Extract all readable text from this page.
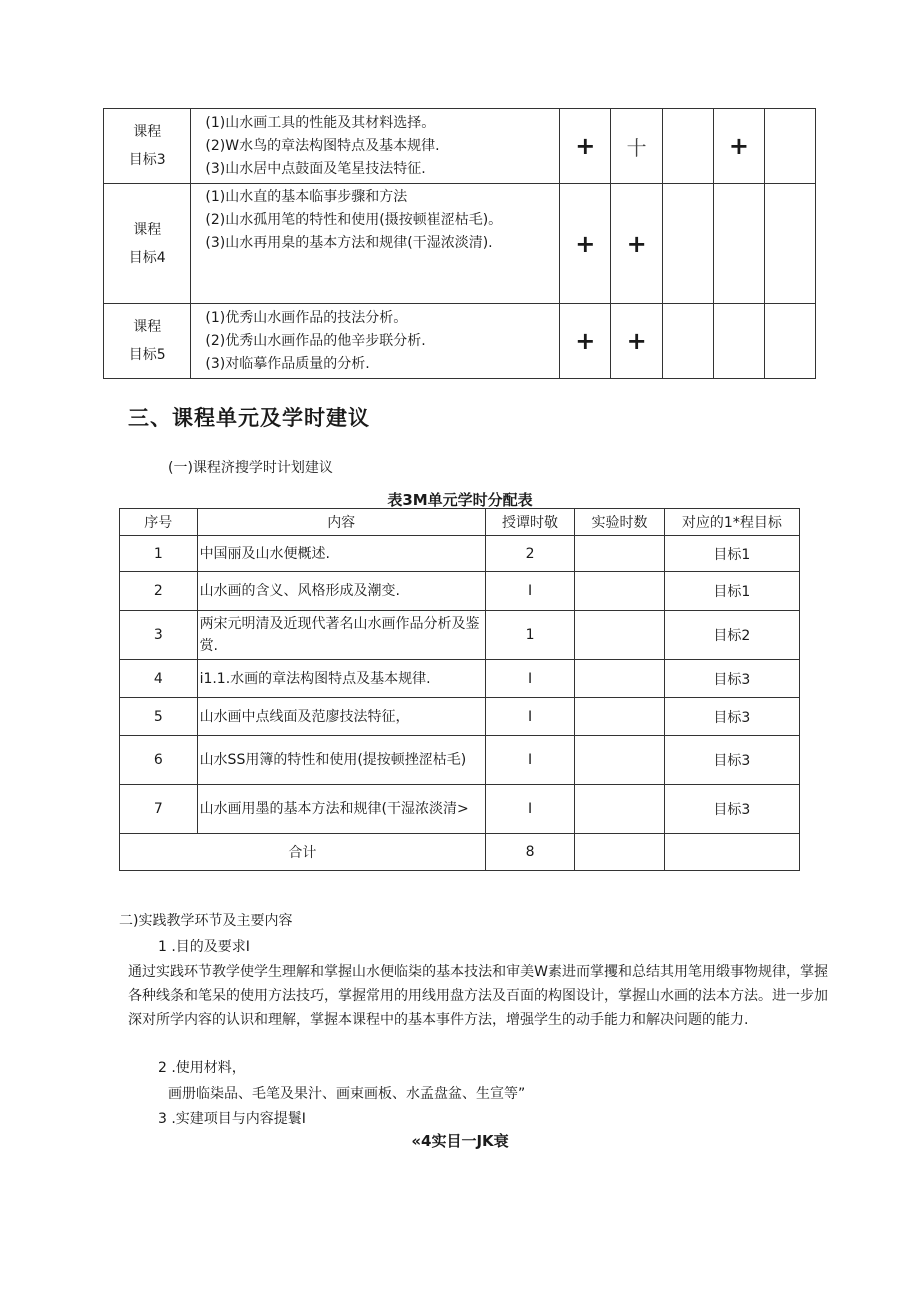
课程
目标3	(1)山水画工具的性能及其材料选择。
(2)W水鸟的章法构图特点及基本规律.
(3)山水居中点鼓面及笔星技法特征.	+	十		+	

课程
目标4	(1)山水直的基本临事步骤和方法
(2)山水孤用笔的特性和使用(摄按顿崔涩枯毛)。
(3)山水再用臬的基本方法和规律(干湿浓淡清).	+	+			

课程
目标5	(1)优秀山水画作品的技法分析。
(2)优秀山水画作品的他辛步联分析.
(3)对临摹作品质量的分析.	+	+			
三、课程单元及学时建议
(一)课程济搜学时计划建议
表3M单元学时分配表
序号	内容	授谭时敬	实验时数	对应的1*程目标
1	中国丽及山水便概述.	2		目标1
2	山水画的含义、风格形成及潮变.	I		目标1
3	两宋元明清及近现代著名山水画作品分析及鉴赏.	1		目标2
4	i1.1.水画的章法构图特点及基本规律.	I		目标3
5	山水画中点线面及范廖技法特征，	I		目标3
6	山水SS用簿的特性和使用(提按顿挫涩枯毛)	I		目标3
7	山水画用墨的基本方法和规律(干湿浓淡清>	I		目标3
合计		8		
二)实践教学环节及主要内容
1 .目的及要求I
通过实践环节教学使学生理解和掌握山水便临柒的基本技法和审美W素进而掌攫和总结其用笔用缎事物规律，掌握各种线条和笔呆的使用方法技巧，掌握常用的用线用盘方法及百面的构图设计，掌握山水画的法本方法。进一步加深对所学内容的认识和理解，掌握本课程中的基本事件方法，增强学生的动手能力和解决问题的能力.
2 .使用材料，
画册临柒品、毛笔及果汁、画束画板、水孟盘盆、生宣等”
3 .实建项目与内容提鬟I
«4实目一JK衰
